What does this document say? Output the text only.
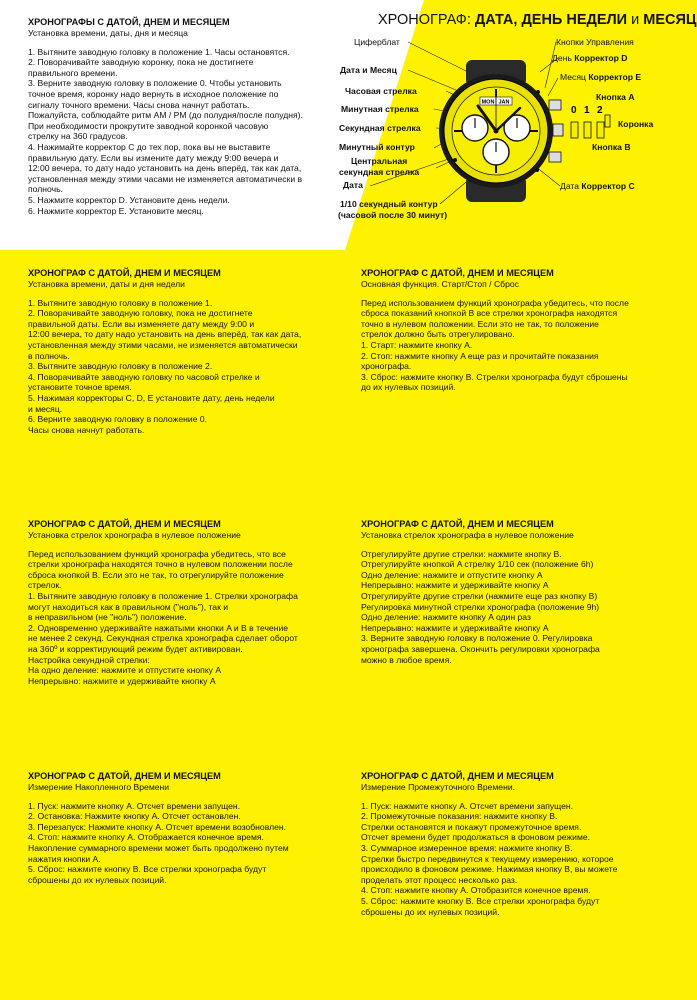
ХРОНОГРАФЫ С ДАТОЙ, ДНЕМ И МЕСЯЦЕМ
Установка времени, даты, дня и месяца

1. Вытяните заводную головку в положение 1. Часы остановятся.
2. Поворачивайте заводную коронку, пока не достигнете
правильного времени.
3. Верните заводную головку в положение 0. Чтобы установить
точное время, коронку надо вернуть в исходное положение по
сигналу точного времени. Часы снова начнут работать.
Пожалуйста, соблюдайте ритм AM / PM (до полудня/после полудня).
При необходимости прокрутите заводной коронкой часовую
стрелку на 360 градусов.
4. Нажимайте корректор C до тех пор, пока вы не выставите
правильную дату. Если вы измените дату между 9:00 вечера и
12:00 вечера, то дату надо установить на день вперёд, так как дата,
установленная между этими часами не изменяется автоматически в
полночь.
5. Нажмите корректор D. Установите день недели.
6. Нажмите корректор E. Установите месяц.

ХРОНОГРАФ: ДАТА, ДЕНЬ НЕДЕЛИ и МЕСЯЦ
MON JAN
0 1 2
Циферблат
Дата и Месяц
Часовая стрелка
Минутная стрелка
Секундная стрелка
Минутный контур
Центральная
секундная стрелка
Дата
1/10 секундный контур
(часовой после 30 минут)
Кнопки Управления
День Корректор D
Месяц Корректор E
Кнопка А
Коронка
Кнопка В
Дата Корректор C
ХРОНОГРАФ С ДАТОЙ, ДНЕМ И МЕСЯЦЕМ
Установка времени, даты и дня недели

1. Вытяните заводную головку в положение 1.
2. Поворачивайте заводную головку, пока не достигнете
правильной даты. Если вы изменяете дату между 9:00 и
12:00 вечера, то дату надо установить на день вперёд, так как дата,
установленная между этими часами, не изменяется автоматически
в полночь.
3. Вытяните заводную головку в положение 2.
4. Поворачивайте заводную головку по часовой стрелке и
установите точное время.
5. Нажимая корректоры C, D, E установите дату, день недели
и месяц.
6. Верните заводную головку в положение 0.
Часы снова начнут работать.

ХРОНОГРАФ С ДАТОЙ, ДНЕМ И МЕСЯЦЕМ
Основная функция. Старт/Стоп / Сброс

Перед использованием функций хронографа убедитесь, что после
сброса показаний кнопкой B все стрелки хронографа находятся
точно в нулевом положении. Если это не так, то положение
стрелок должно быть отрегулировано.
1. Старт: нажмите кнопку A.
2. Стоп: нажмите кнопку A еще раз и прочитайте показания
хронографа.
3. Сброс: нажмите кнопку B. Стрелки хронографа будут сброшены
до их нулевых позиций.

ХРОНОГРАФ С ДАТОЙ, ДНЕМ И МЕСЯЦЕМ
Установка стрелок хронографа в нулевое положение

Перед использованием функций хронографа убедитесь, что все
стрелки хронографа находятся точно в нулевом положении после
сброса кнопкой B. Если это не так, то отрегулируйте положение
стрелок.
1. Вытяните заводную головку в положение 1. Стрелки хронографа
могут находиться как в правильном ("ноль"), так и
в неправильном (не "ноль") положение.
2. Одновременно удерживайте нажатыми кнопки A и B в течение
не менее 2 секунд. Секундная стрелка хронографа сделает оборот
на 360º и корректирующий режим будет активирован.
Настройка секундной стрелки:
На одно деление: нажмите и отпустите кнопку A
Непрерывно: нажмите и удерживайте кнопку A

ХРОНОГРАФ С ДАТОЙ, ДНЕМ И МЕСЯЦЕМ
Установка стрелок хронографа в нулевое положение

Отрегулируйте другие стрелки: нажмите кнопку B.
Отрегулируйте кнопкой A стрелку 1/10 сек (положение 6h)
Одно деление: нажмите и отпустите кнопку A
Непрерывно: нажмите и удерживайте кнопку A
Отрегулируйте другие стрелки (нажмите еще раз кнопку B)
Регулировка минутной стрелки хронографа (положение 9h)
Одно деление: нажмите кнопку A один раз
Непрерывно: нажмите и удерживайте кнопку A
3. Верните заводную головку в положение 0. Регулировка
хронографа завершена. Окончить регулировки хронографа
можно в любое время.

ХРОНОГРАФ С ДАТОЙ, ДНЕМ И МЕСЯЦЕМ
Измерение Накопленного Времени

1. Пуск: нажмите кнопку A. Отсчет времени запущен.
2. Остановка: Нажмите кнопку A. Отсчет остановлен.
3. Перезапуск: Нажмите кнопку A. Отсчет времени возобновлен.
4. Стоп: нажмите кнопку A. Отображается конечное время.
Накопление суммарного времени может быть продолжено путем
нажатия кнопки A.
5. Сброс: нажмите кнопку B. Все стрелки хронографа будут
сброшены до их нулевых позиций.

ХРОНОГРАФ С ДАТОЙ, ДНЕМ И МЕСЯЦЕМ
Измерение Промежуточного Времени.

1. Пуск: нажмите кнопку A. Отсчет времени запущен.
2. Промежуточные показания: нажмите кнопку B.
Стрелки остановятся и покажут промежуточное время.
Отсчет времени будет продолжаться в фоновом режиме.
3. Суммарное измеренное время: нажмите кнопку B.
Стрелки быстро передвинутся к текущему измерению, которое
происходило в фоновом режиме. Нажимая кнопку B, вы можете
проделать этот процесс несколько раз.
4. Стоп: нажмите кнопку A. Отобразится конечное время.
5. Сброс: нажмите кнопку B. Все стрелки хронографа будут
сброшены до их нулевых позиций.
